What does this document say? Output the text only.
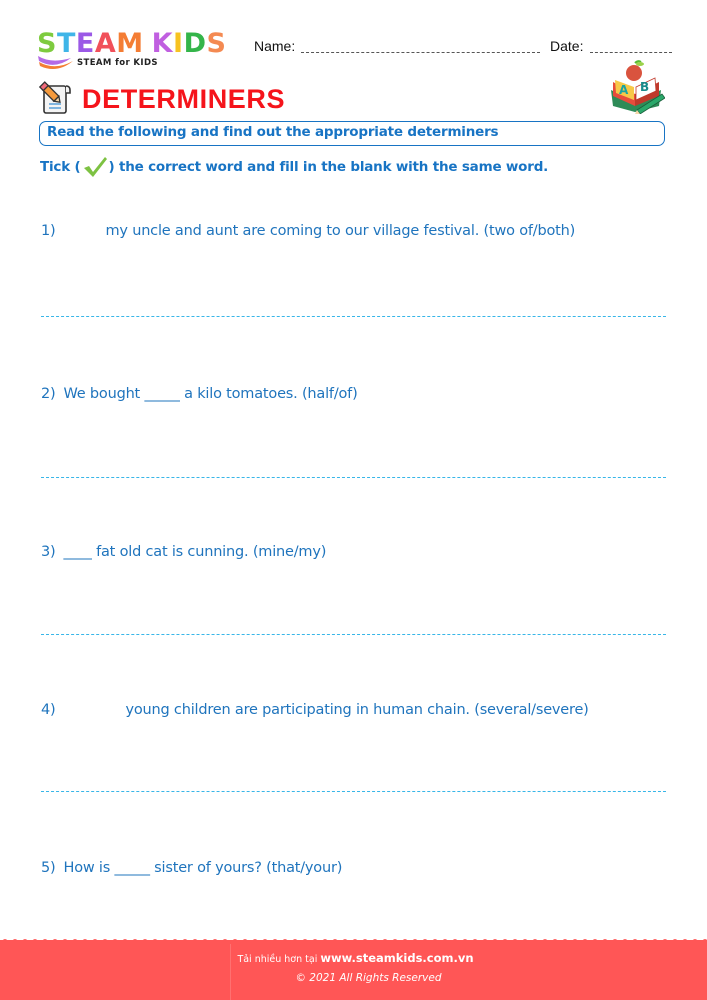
STEAM KIDS
STEAM for KIDS
Name:	Date:
DETERMINERS	A B
Read the following and find out the appropriate determiners
Tick ( ) the correct word and fill in the blank with the same word.
1)	my uncle and aunt are coming to our village festival. (two of/both)
2) We bought _____ a kilo tomatoes. (half/of)
3) ____ fat old cat is cunning. (mine/my)
4)	young children are participating in human chain. (several/severe)
5) How is _____ sister of yours? (that/your)
Tải nhiều hơn tại www.steamkids.com.vn
© 2021 All Rights Reserved
